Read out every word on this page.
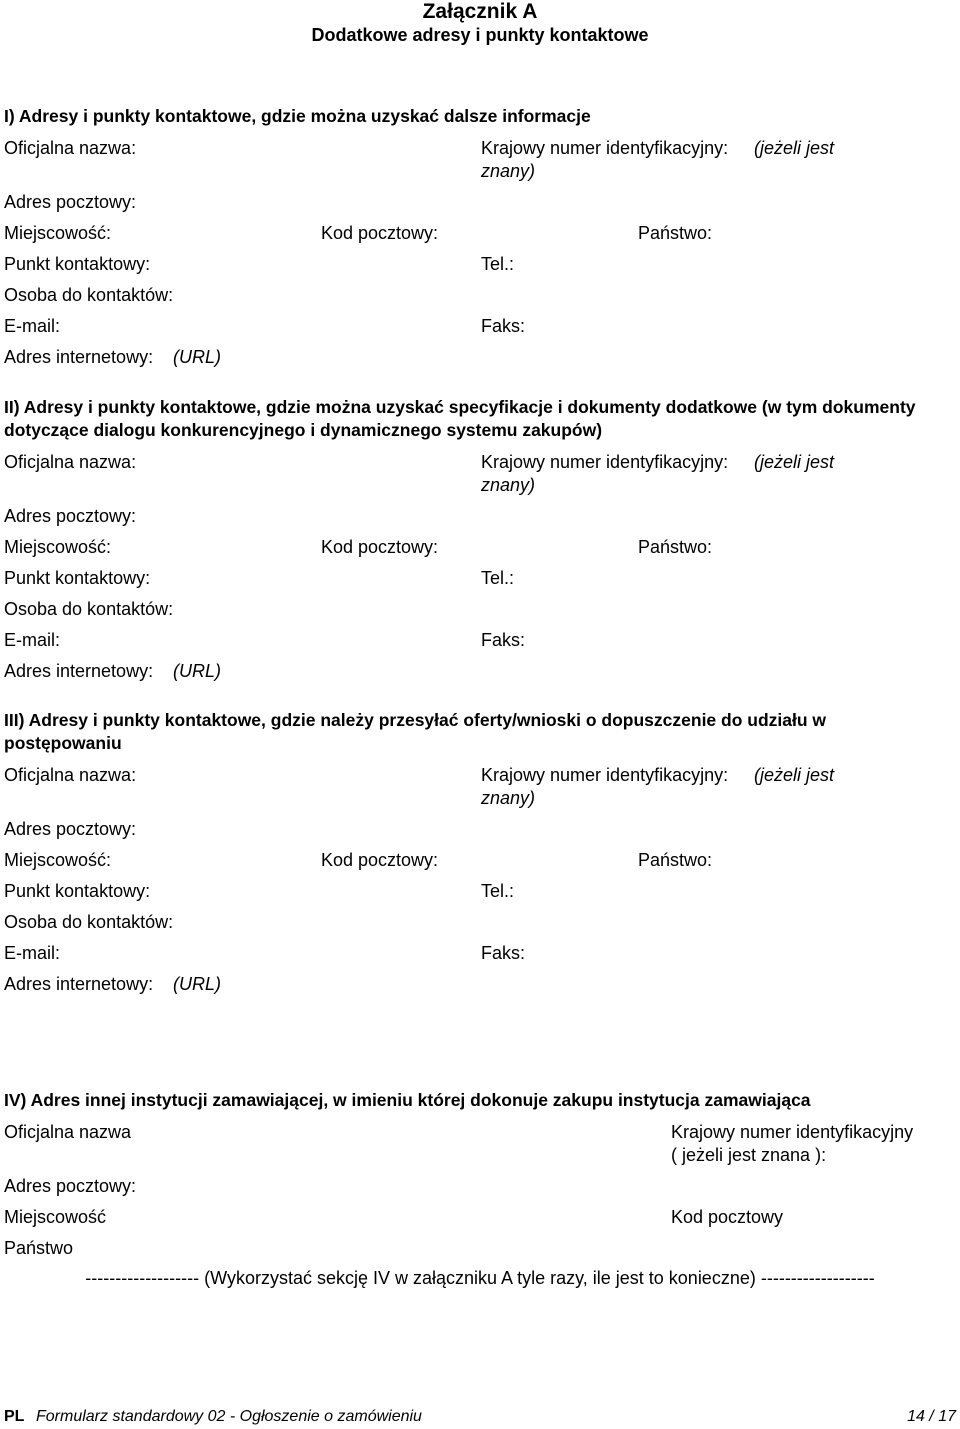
Załącznik A
Dodatkowe adresy i punkty kontaktowe
I) Adresy i punkty kontaktowe, gdzie można uzyskać dalsze informacje
Oficjalna nazwa:	Krajowy numer identyfikacyjny: (jeżeli jest
znany)
Adres pocztowy:
Miejscowość:	Kod pocztowy:	Państwo:
Punkt kontaktowy:	Tel.:
Osoba do kontaktów:
E-mail:	Faks:
Adres internetowy: (URL)
II) Adresy i punkty kontaktowe, gdzie można uzyskać specyfikacje i dokumenty dodatkowe (w tym dokumenty dotyczące dialogu konkurencyjnego i dynamicznego systemu zakupów)
Oficjalna nazwa:	Krajowy numer identyfikacyjny: (jeżeli jest
znany)
Adres pocztowy:
Miejscowość:	Kod pocztowy:	Państwo:
Punkt kontaktowy:	Tel.:
Osoba do kontaktów:
E-mail:	Faks:
Adres internetowy: (URL)
III) Adresy i punkty kontaktowe, gdzie należy przesyłać oferty/wnioski o dopuszczenie do udziału w postępowaniu
Oficjalna nazwa:	Krajowy numer identyfikacyjny: (jeżeli jest
znany)
Adres pocztowy:
Miejscowość:	Kod pocztowy:	Państwo:
Punkt kontaktowy:	Tel.:
Osoba do kontaktów:
E-mail:	Faks:
Adres internetowy: (URL)
IV) Adres innej instytucji zamawiającej, w imieniu której dokonuje zakupu instytucja zamawiająca
Oficjalna nazwa	Krajowy numer identyfikacyjny
( jeżeli jest znana ):
Adres pocztowy:
Miejscowość	Kod pocztowy
Państwo
------------------- (Wykorzystać sekcję IV w załączniku A tyle razy, ile jest to konieczne) -------------------
PL Formularz standardowy 02 - Ogłoszenie o zamówieniu	14 / 17
